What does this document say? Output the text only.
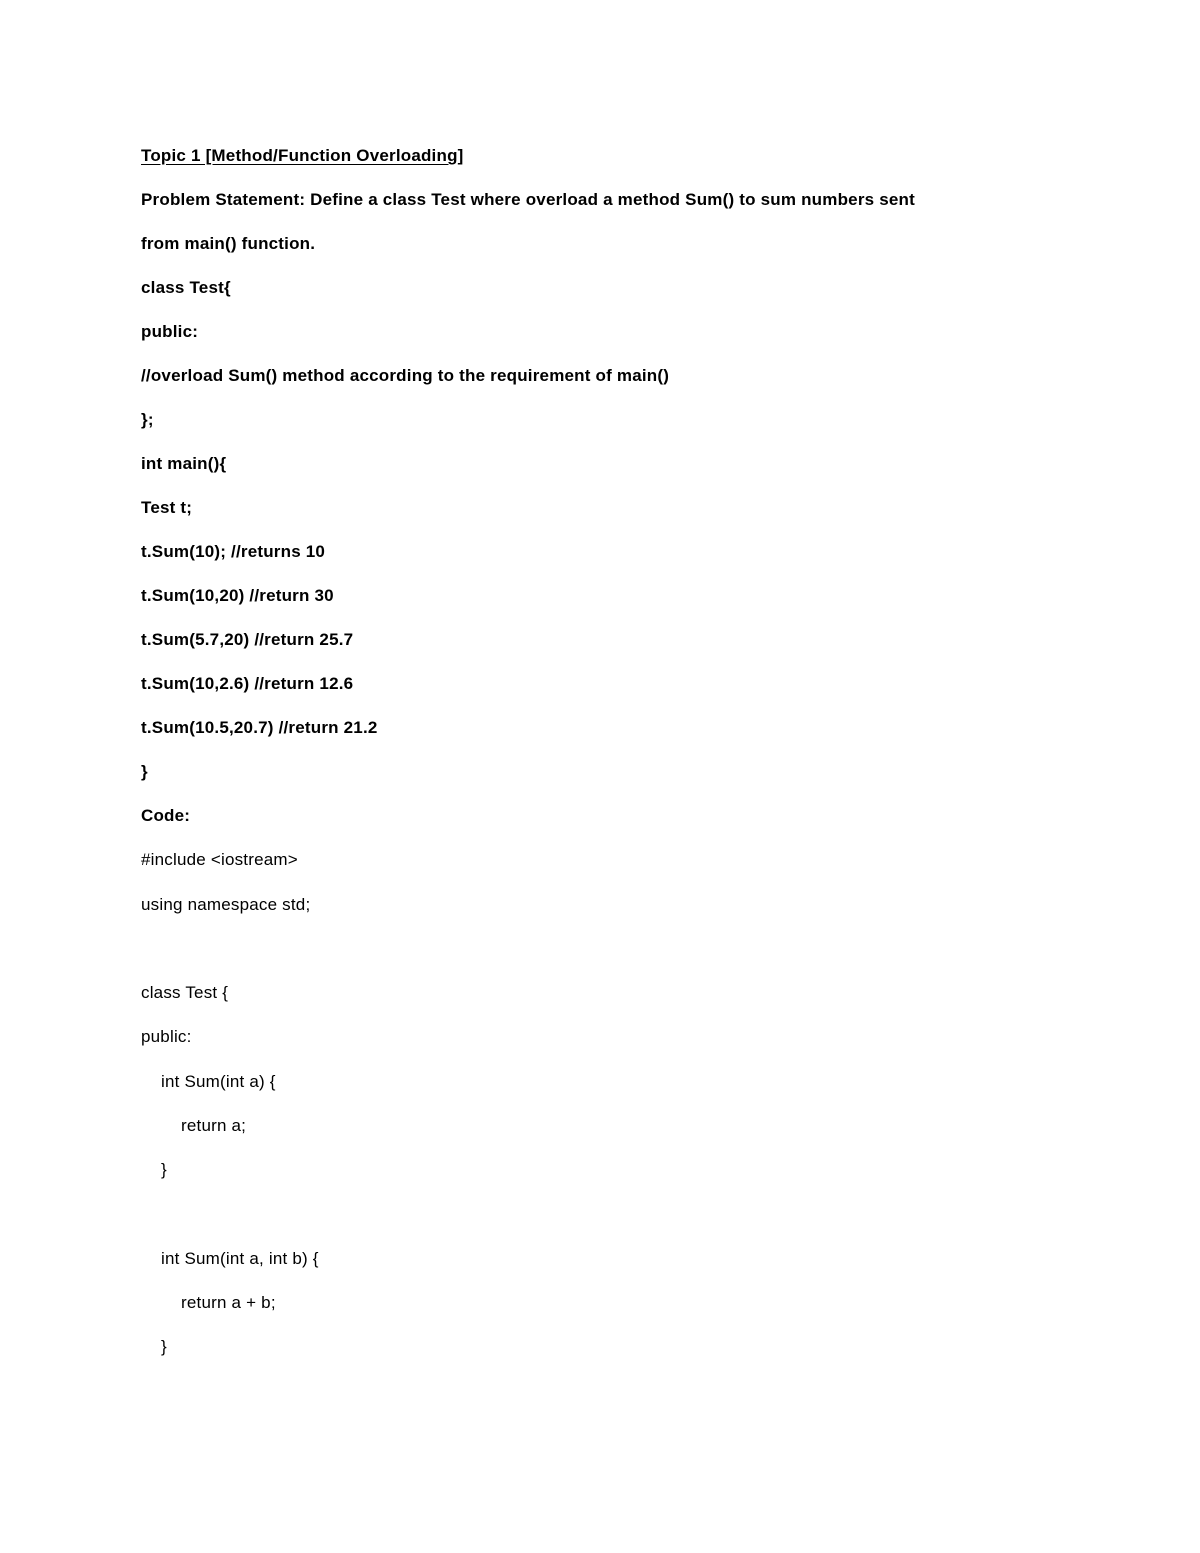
Topic 1 [Method/Function Overloading]
Problem Statement: Define a class Test where overload a method Sum() to sum numbers sent
from main() function.
class Test{
public:
//overload Sum() method according to the requirement of main()
};
int main(){
Test t;
t.Sum(10); //returns 10
t.Sum(10,20) //return 30
t.Sum(5.7,20) //return 25.7
t.Sum(10,2.6) //return 12.6
t.Sum(10.5,20.7) //return 21.2
}
Code:
#include <iostream>
using namespace std;
class Test {
public:
int Sum(int a) {
return a;
}
int Sum(int a, int b) {
return a + b;
}
